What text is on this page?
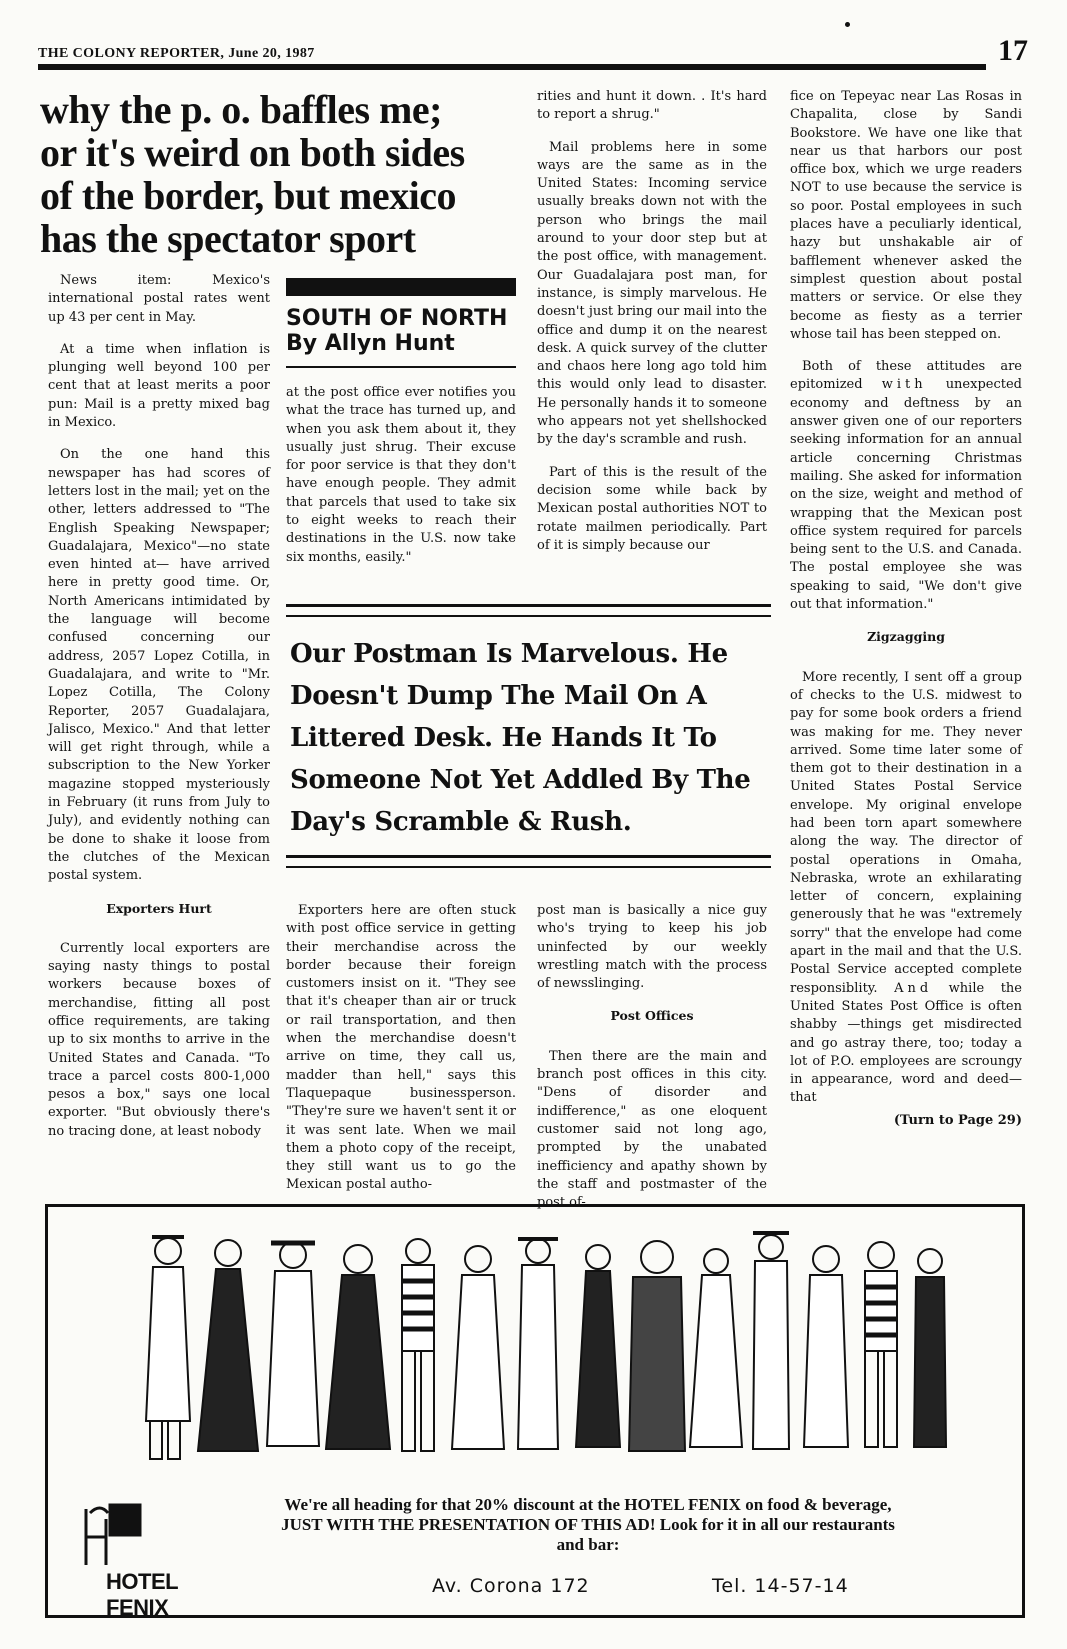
THE COLONY REPORTER, June 20, 1987	17
why the p. o. baffles me; or it's weird on both sides of the border, but mexico has the spectator sport
SOUTH OF NORTH
By Allyn Hunt

News item: Mexico's international postal rates went up 43 per cent in May.

At a time when inflation is plunging well beyond 100 per cent that at least merits a poor pun: Mail is a pretty mixed bag in Mexico.

On the one hand this newspaper has had scores of letters lost in the mail; yet on the other, letters addressed to "The English Speaking Newspaper; Guadalajara, Mexico"—no state even hinted at— have arrived here in pretty good time. Or, North Americans intimidated by the language will become confused concerning our address, 2057 Lopez Cotilla, in Guadalajara, and write to "Mr. Lopez Cotilla, The Colony Reporter, 2057 Guadalajara, Jalisco, Mexico." And that letter will get right through, while a subscription to the New Yorker magazine stopped mysteriously in February (it runs from July to July), and evidently nothing can be done to shake it loose from the clutches of the Mexican postal system.

Exporters Hurt

Currently local exporters are saying nasty things to postal workers because boxes of merchandise, fitting all post office requirements, are taking up to six months to arrive in the United States and Canada. "To trace a parcel costs 800-1,000 pesos a box," says one local exporter. "But obviously there's no tracing done, at least nobody

at the post office ever notifies you what the trace has turned up, and when you ask them about it, they usually just shrug. Their excuse for poor service is that they don't have enough people. They admit that parcels that used to take six to eight weeks to reach their destinations in the U.S. now take six months, easily."

rities and hunt it down. . It's hard to report a shrug."

Mail problems here in some ways are the same as in the United States: Incoming service usually breaks down not with the person who brings the mail around to your door step but at the post office, with management. Our Guadalajara post man, for instance, is simply marvelous. He doesn't just bring our mail into the office and dump it on the nearest desk. A quick survey of the clutter and chaos here long ago told him this would only lead to disaster. He personally hands it to someone who appears not yet shellshocked by the day's scramble and rush.

Part of this is the result of the decision some while back by Mexican postal authorities NOT to rotate mailmen periodically. Part of it is simply because our

Our Postman Is Marvelous. He Doesn't Dump The Mail On A Littered Desk. He Hands It To Someone Not Yet Addled By The Day's Scramble & Rush.

fice on Tepeyac near Las Rosas in Chapalita, close by Sandi Bookstore. We have one like that near us that harbors our post office box, which we urge readers NOT to use because the service is so poor. Postal employees in such places have a peculiarly identical, hazy but unshakable air of bafflement whenever asked the simplest question about postal matters or service. Or else they become as fiesty as a terrier whose tail has been stepped on.

Both of these attitudes are epitomized with unexpected economy and deftness by an answer given one of our reporters seeking information for an annual article concerning Christmas mailing. She asked for information on the size, weight and method of wrapping that the Mexican post office system required for parcels being sent to the U.S. and Canada. The postal employee she was speaking to said, "We don't give out that information."

Zigzagging

More recently, I sent off a group of checks to the U.S. midwest to pay for some book orders a friend was making for me. They never arrived. Some time later some of them got to their destination in a United States Postal Service envelope. My original envelope had been torn apart somewhere along the way. The director of postal operations in Omaha, Nebraska, wrote an exhilarating letter of concern, explaining generously that he was "extremely sorry" that the envelope had come apart in the mail and that the U.S. Postal Service accepted complete responsiblity. And while the United States Post Office is often shabby —things get misdirected and go astray there, too; today a lot of P.O. employees are scroungy in appearance, word and deed— that

(Turn to Page 29)

Exporters here are often stuck with post office service in getting their merchandise across the border because their foreign customers insist on it. "They see that it's cheaper than air or truck or rail transportation, and then when the merchandise doesn't arrive on time, they call us, madder than hell," says this Tlaquepaque businessperson. "They're sure we haven't sent it or it was sent late. When we mail them a photo copy of the receipt, they still want us to go the Mexican postal autho-

post man is basically a nice guy who's trying to keep his job uninfected by our weekly wrestling match with the process of newsslinging.

Post Offices

Then there are the main and branch post offices in this city. "Dens of disorder and indifference," as one eloquent customer said not long ago, prompted by the unabated inefficiency and apathy shown by the staff and postmaster of the post of-

HOTEL FENIX
We're all heading for that 20% discount at the HOTEL FENIX on food & beverage,
JUST WITH THE PRESENTATION OF THIS AD! Look for it in all our restaurants
and bar:
Av. Corona 172	Tel. 14-57-14
